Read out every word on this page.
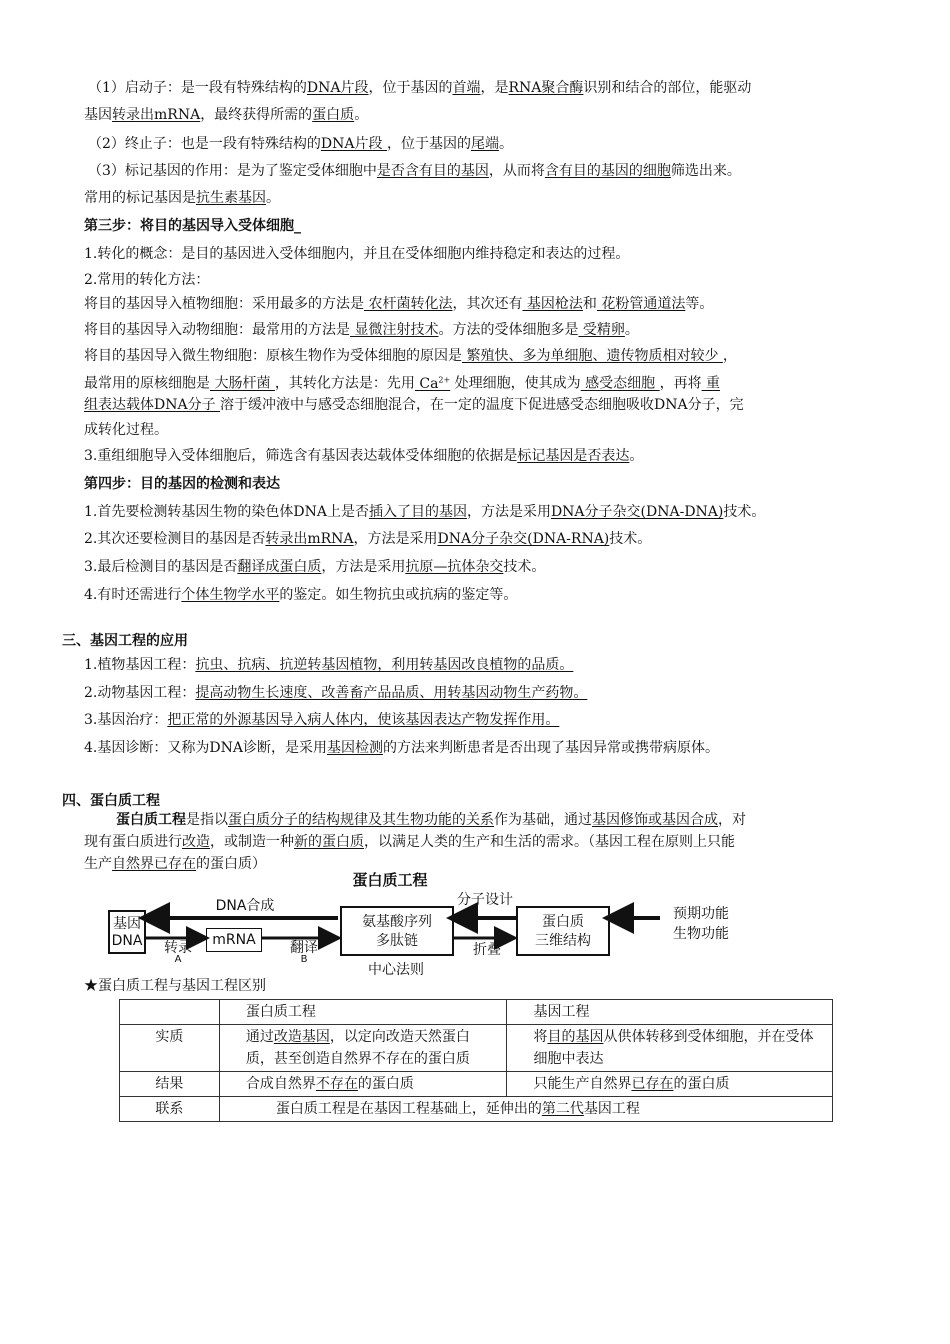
（1）启动子：是一段有特殊结构的DNA片段，位于基因的首端，是RNA聚合酶识别和结合的部位，能驱动
基因转录出mRNA，最终获得所需的蛋白质。
（2）终止子：也是一段有特殊结构的DNA片段 ，位于基因的尾端。
（3）标记基因的作用：是为了鉴定受体细胞中是否含有目的基因，从而将含有目的基因的细胞筛选出来。
常用的标记基因是抗生素基因。
第三步：将目的基因导入受体细胞_
1.转化的概念：是目的基因进入受体细胞内，并且在受体细胞内维持稳定和表达的过程。
2.常用的转化方法：
将目的基因导入植物细胞：采用最多的方法是 农杆菌转化法，其次还有 基因枪法和 花粉管通道法等。
将目的基因导入动物细胞：最常用的方法是 显微注射技术。方法的受体细胞多是 受精卵。
将目的基因导入微生物细胞：原核生物作为受体细胞的原因是 繁殖快、多为单细胞、遗传物质相对较少 ，
最常用的原核细胞是 大肠杆菌 ，其转化方法是：先用 $Ca^{2+}$ 处理细胞，使其成为 感受态细胞 ，再将 重
组表达载体DNA分子 溶于缓冲液中与感受态细胞混合，在一定的温度下促进感受态细胞吸收DNA分子，完
成转化过程。
3.重组细胞导入受体细胞后，筛选含有基因表达载体受体细胞的依据是标记基因是否表达。
第四步：目的基因的检测和表达
1.首先要检测转基因生物的染色体DNA上是否插入了目的基因，方法是采用DNA分子杂交(DNA-DNA)技术。
2.其次还要检测目的基因是否转录出mRNA，方法是采用DNA分子杂交(DNA-RNA)技术。
3.最后检测目的基因是否翻译成蛋白质，方法是采用抗原—抗体杂交技术。
4.有时还需进行个体生物学水平的鉴定。如生物抗虫或抗病的鉴定等。
三、基因工程的应用
1.植物基因工程：抗虫、抗病、抗逆转基因植物，利用转基因改良植物的品质。
2.动物基因工程：提高动物生长速度、改善畜产品品质、用转基因动物生产药物。
3.基因治疗：把正常的外源基因导入病人体内，使该基因表达产物发挥作用。
4.基因诊断：又称为DNA诊断，是采用基因检测的方法来判断患者是否出现了基因异常或携带病原体。
四、蛋白质工程
蛋白质工程是指以蛋白质分子的结构规律及其生物功能的关系作为基础，通过基因修饰或基因合成，对
现有蛋白质进行改造，或制造一种新的蛋白质，以满足人类的生产和生活的需求。（基因工程在原则上只能
生产自然界已存在的蛋白质）
蛋白质工程
基因
DNA	mRNA
氨基酸序列
多肽链
蛋白质
三维结构
预期功能
生物功能
DNA合成	分子设计
转录
A
翻译
B
折叠
中心法则
★蛋白质工程与基因工程区别
	蛋白质工程	基因工程
实质	通过改造基因，以定向改造天然蛋白质，甚至创造自然界不存在的蛋白质	将目的基因从供体转移到受体细胞，并在受体细胞中表达
结果	合成自然界不存在的蛋白质	只能生产自然界已存在的蛋白质
联系	蛋白质工程是在基因工程基础上，延伸出的第二代基因工程	
